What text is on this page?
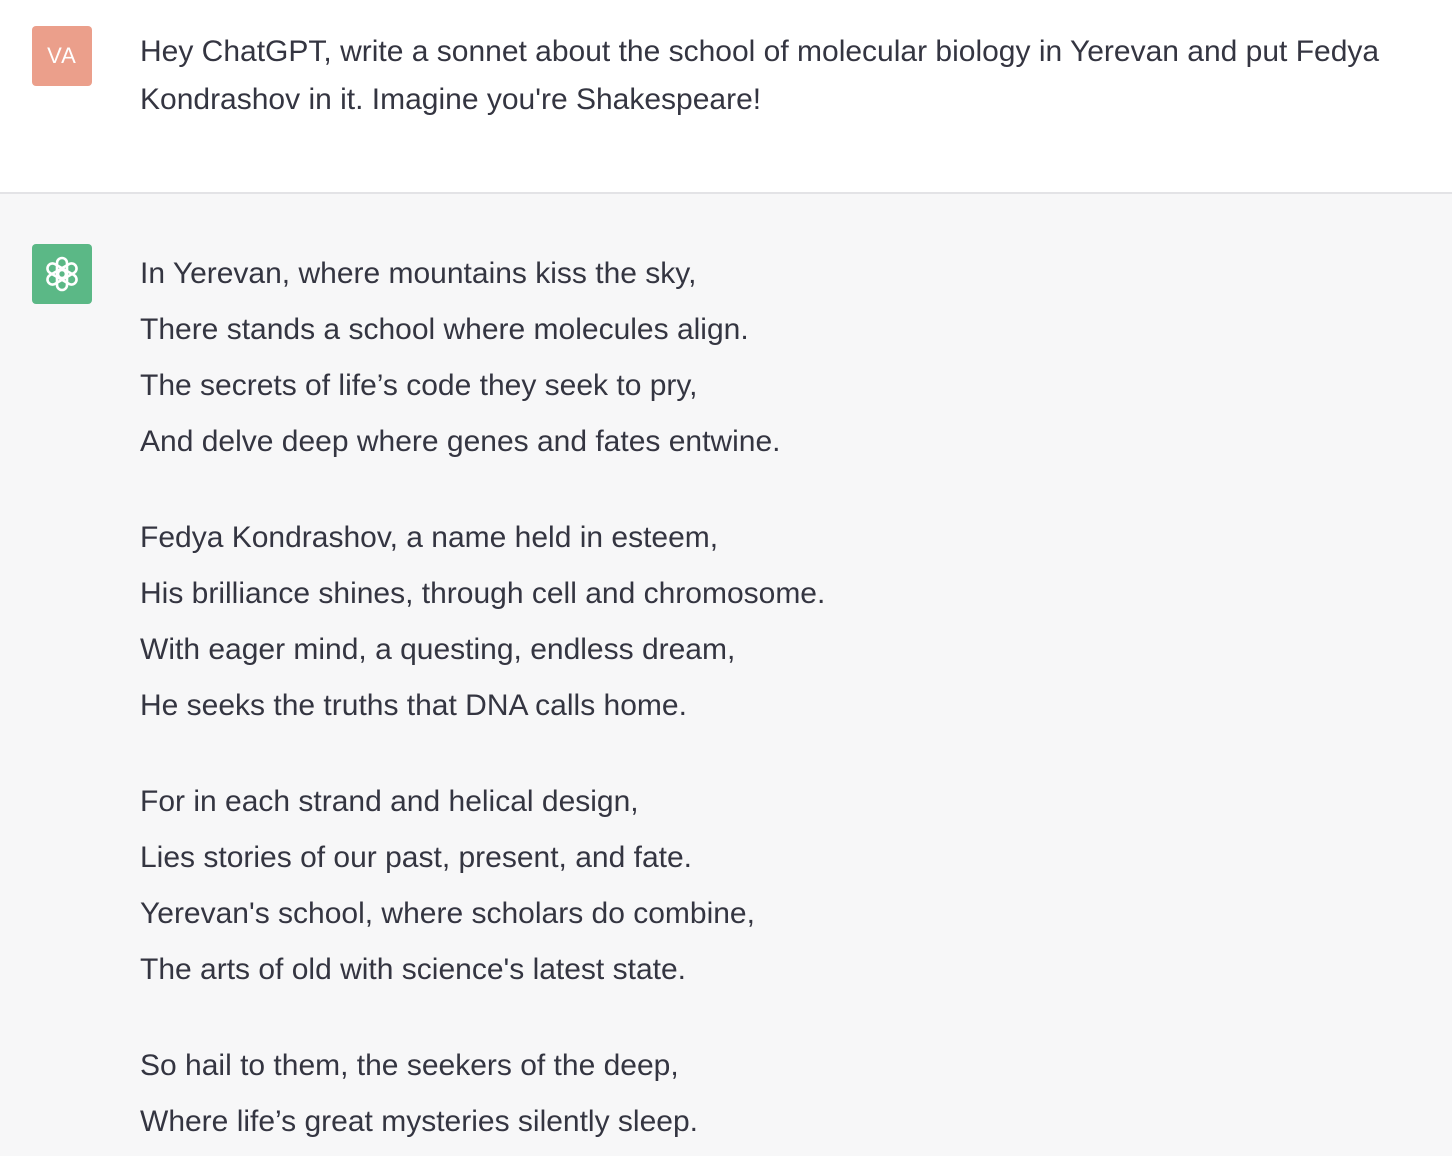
VA	Hey ChatGPT, write a sonnet about the school of molecular biology in Yerevan and put Fedya Kondrashov in it. Imagine you're Shakespeare!
In Yerevan, where mountains kiss the sky,
There stands a school where molecules align.
The secrets of life’s code they seek to pry,
And delve deep where genes and fates entwine.
Fedya Kondrashov, a name held in esteem,
His brilliance shines, through cell and chromosome.
With eager mind, a questing, endless dream,
He seeks the truths that DNA calls home.
For in each strand and helical design,
Lies stories of our past, present, and fate.
Yerevan's school, where scholars do combine,
The arts of old with science's latest state.
So hail to them, the seekers of the deep,
Where life’s great mysteries silently sleep.
